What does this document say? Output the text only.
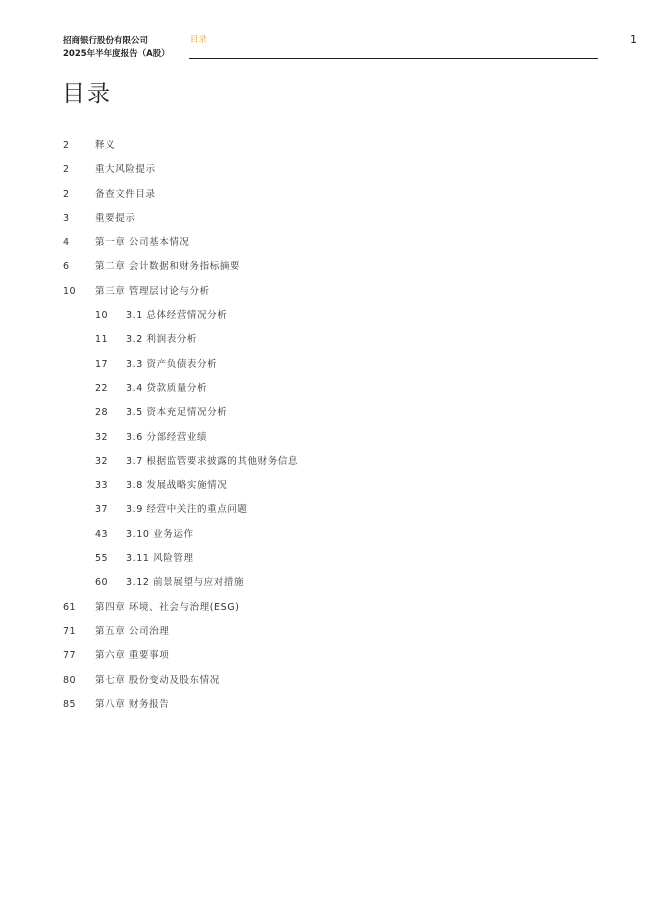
招商银行股份有限公司
2025年半年度报告（A股）
目录	1
目录
2	释义
2	重大风险提示
2	备查文件目录
3	重要提示
4	第一章 公司基本情况
6	第二章 会计数据和财务指标摘要
10 第三章 管理层讨论与分析
10 3.1 总体经营情况分析
11 3.2 利润表分析
17 3.3 资产负债表分析
22 3.4 贷款质量分析
28 3.5 资本充足情况分析
32 3.6 分部经营业绩
32 3.7 根据监管要求披露的其他财务信息
33 3.8 发展战略实施情况
37 3.9 经营中关注的重点问题
43 3.10 业务运作
55 3.11 风险管理
60 3.12 前景展望与应对措施
61 第四章 环境、社会与治理(ESG)
71 第五章 公司治理
77 第六章 重要事项
80 第七章 股份变动及股东情况
85 第八章 财务报告
